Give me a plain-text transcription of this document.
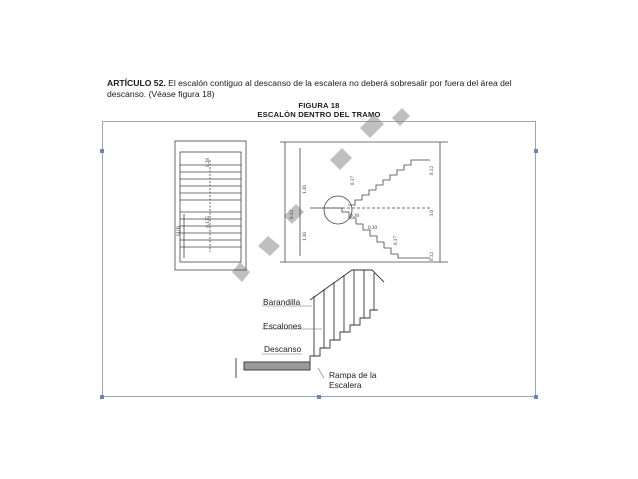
ARTÍCULO 52. El escalón contiguo al descanso de la escalera no deberá sobresalir por fuera del área del descanso. (Véase figura 18)
FIGURA 18
ESCALÓN DENTRO DEL TRAMO
0.28
0.135
SUB
1.36
0.12
1.36
0.17
0.30
0.30
0.17
0.12
3.6
0.12
Barandilla
Escalones
Descanso
Rampa de la
Escalera
